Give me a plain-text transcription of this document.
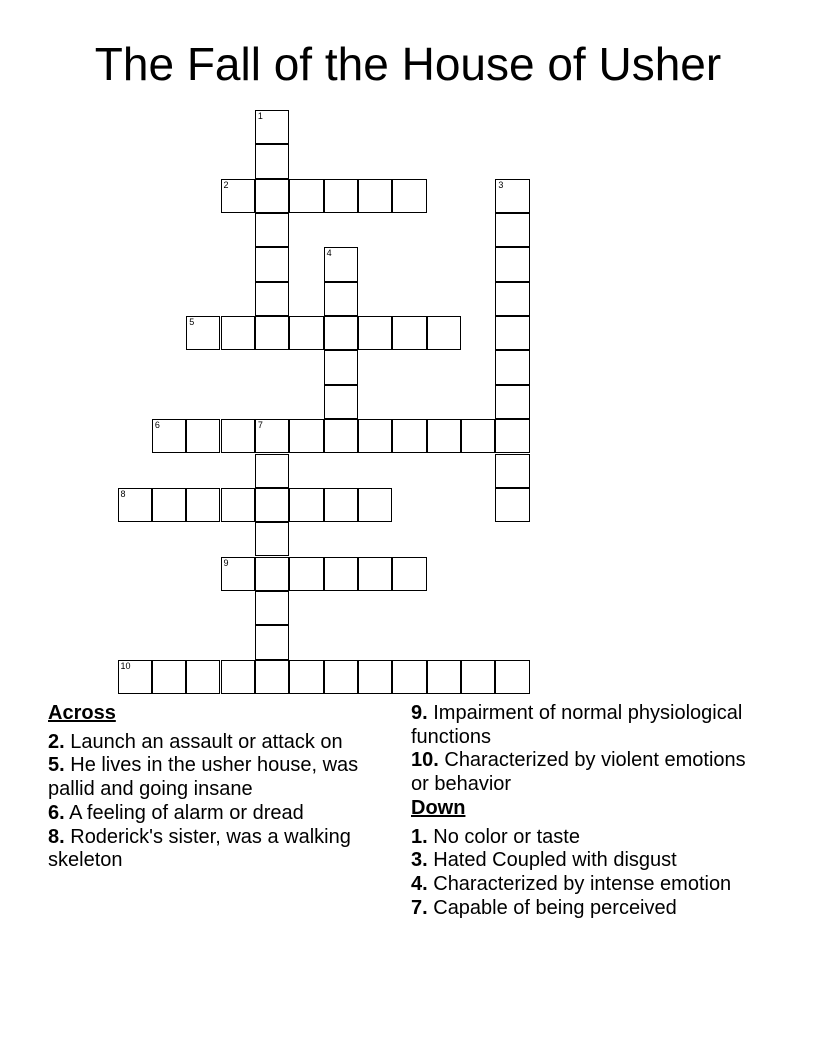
The Fall of the House of Usher
1
2	3
4
5
6	7
8
9
10
Across
2. Launch an assault or attack on
5. He lives in the usher house, was pallid and going insane
6. A feeling of alarm or dread
8. Roderick's sister, was a walking skeleton
9. Impairment of normal physiological functions
10. Characterized by violent emotions or behavior
Down
1. No color or taste
3. Hated Coupled with disgust
4. Characterized by intense emotion
7. Capable of being perceived
